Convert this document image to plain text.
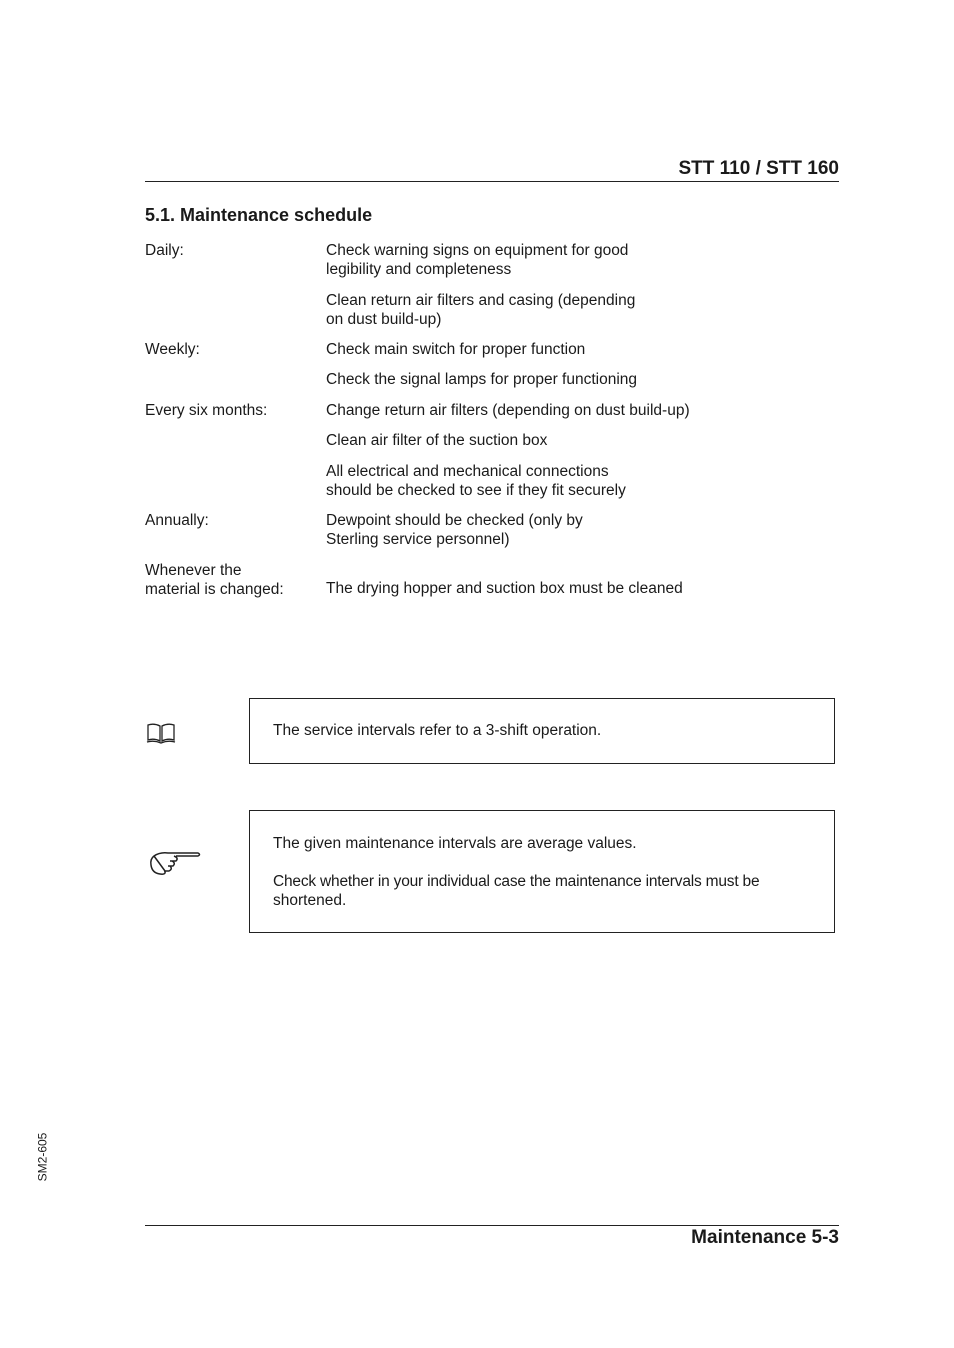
STT 110 / STT 160
5.1. Maintenance schedule
Daily:	Check warning signs on equipment for good
legibility and completeness
Clean return air filters and casing (depending
on dust build-up)
Weekly:	Check main switch for proper function
Check the signal lamps for proper functioning
Every six months:	Change return air filters (depending on dust build-up)
Clean air filter of the suction box
All electrical and mechanical connections
should be checked to see if they fit securely
Annually:	Dewpoint should be checked (only by
Sterling service personnel)
Whenever the
material is changed:	The drying hopper and suction box must be cleaned
The service intervals refer to a 3-shift operation.
The given maintenance intervals are average values.
Check whether in your individual case the maintenance intervals must be
shortened.
SM2-605
Maintenance 5-3
